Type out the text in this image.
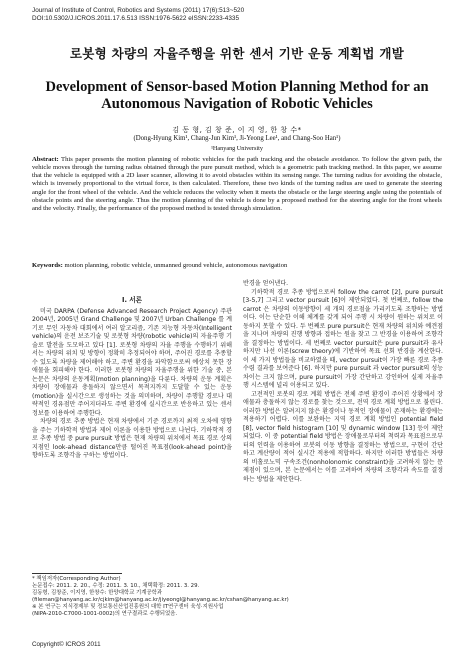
Journal of Institute of Control, Robotics and Systems (2011) 17(6):513~520
DOI:10.5302/J.ICROS.2011.17.6.513 ISSN:1976-5622 eISSN:2233-4335
로봇형 차량의 자율주행을 위한 센서 기반 운동 계획법 개발
Development of Sensor-based Motion Planning Method for an
Autonomous Navigation of Robotic Vehicles
김 동 형, 김 창 준, 이 지 영, 한 창 수*
(Dong-Hyung Kim¹, Chang-Jun Kim¹, Ji-Yeong Lee¹, and Chang-Soo Han¹)
¹Hanyang University
Abstract: This paper presents the motion planning of robotic vehicles for the path tracking and the obstacle avoidance. To follow the given path, the vehicle moves through the turning radius obtained through the pure pursuit method, which is a geometric path tracking method. In this paper, we assume that the vehicle is equipped with a 2D laser scanner, allowing it to avoid obstacles within its sensing range. The turning radius for avoiding the obstacle, which is inversely proportional to the virtual force, is then calculated. Therefore, these two kinds of the turning radius are used to generate the steering angle for the front wheel of the vehicle. And the vehicle reduces the velocity when it meets the obstacle or the large steering angle using the potentials of obstacle points and the steering angle. Thus the motion planning of the vehicle is done by a proposed method for the steering angle for the front wheels and the velocity. Finally, the performance of the proposed method is tested through simulation.
Keywords: motion planning, robotic vehicle, unmanned ground vehicle, autonomous navigation
I. 서론

미국 DARPA (Defense Advanced Research Project Agency) 주관 2004년, 2005년 Grand Challenge 및 2007년 Urban Challenge 를 계기로 무인 자동차 대회에서 여러 알고리즘, 기존 지능형 자동차(Intelligent vehicle)의 운전 보조기술 및 로봇형 차량(robotic vehicle)의 자율주행 기술로 발전을 도모하고 있다 [1]. 로봇형 차량의 자율 주행을 수행하기 위해서는 차량의 위치 및 방향이 정확히 추정되어야 하며, 주어진 경로를 추종할 수 있도록 차량을 제어해야 하고, 주변 환경을 파악함으로써 예상치 못한 장애물을 회피해야 한다. 이러한 로봇형 차량의 자율주행을 위한 기술 중, 본 논문은 차량의 운동계획(motion planning)을 다룬다. 차량의 운동 계획은 차량이 장애물과 충돌하지 않으면서 목적지까지 도달할 수 있는 운동(motion)을 실시간으로 생성하는 것을 의미하며, 차량이 주행할 경로나 대략적인 경유점만 주어지더라도 주변 환경에 실시간으로 반응하고 있는 센서 정보를 이용하여 주행한다.

차량의 경로 추종 방법은 현재 차량에서 기준 경로까지 최적 오차에 영향을 주는 기하학적 방법과 제어 이론을 이용한 방법으로 나뉜다. 기하학적 경로 추종 방법 중 pure pursuit 방법은 현재 차량의 위치에서 목표 경로 상의 지점인 look-ahead distance만큼 떨어진 목표점(look-ahead point)을 향하도록 조향각을 구하는 방법이다.

* 책임저자(Corresponding Author)
논문접수: 2011. 2. 20., 수정: 2011. 3. 10., 채택확정: 2011. 3. 29.
김동형, 김창준, 이지영, 한창수: 한양대학교 기계공학과
(fileman@hanyang.ac.kr/cjkim@hanyang.ac.kr/jiyeongl@hanyang.ac.kr/cshan@hanyang.ac.kr)
※ 본 연구는 지식경제부 및 정보통신산업진흥원의 대학 IT연구센터 육성·지원사업(NIPA-2010-C7000-1001-0002)의 연구결과로 수행되었음.

반경을 얻어낸다.

기하학적 경로 추종 방법으로써 follow the carrot [2], pure pursuit [3-5,7] 그리고 vector pursuit [6]이 제안되었다. 첫 번째로, follow the carrot 은 차량의 이동방향이 세 개의 경로점을 가리키도록 조향하는 방법이다. 이는 단순한 이해 체계를 갖게 되어 주행 시 차량이 원하는 위치로 이동하지 못할 수 있다. 두 번째로 pure pursuit은 현재 차량의 위치와 예견점을 지나며 차량의 진행 방향과 접하는 원을 찾고 그 반경을 이용하여 조향각을 결정하는 방법이다. 세 번째로 vector pursuit은 pure pursuit과 유사하지만 나선 이론(screw theory)에 기반하여 목표 선회 반경을 계산한다. 이 세 가지 방법들을 비교하였을 때, vector pursuit이 가장 빠른 경로 추종 수렴 결과를 보여준다 [6]. 하지만 pure pursuit 과 vector pursuit의 성능 차이는 크지 않으며, pure pursuit이 가장 간단하고 강인하여 실제 자율주행 시스템에 널리 이용되고 있다.

고전적인 로봇의 경로 계획 방법은 전체 주변 환경이 주어진 상황에서 장애물과 충돌하지 않는 경로를 찾는 것으로, 전역 경로 계획 방법으로 불린다. 이러한 방법은 알려지지 않은 환경이나 동적인 장애물이 존재하는 환경에는 적용하기 어렵다. 이를 보완하는 지역 경로 계획 방법인 potential field [8], vector field histogram [10] 및 dynamic window [13] 등이 제안되었다. 이 중 potential field 방법은 장애물로부터의 척력과 목표점으로부터의 인력을 이용하여 로봇의 이동 방향을 결정하는 방법으로, 구현이 간단하고 계산량이 적어 실시간 적용에 적합하다. 하지만 이러한 방법들은 차량의 비홀로노믹 구속조건(nonholonomic constraint)을 고려하지 않는 문제점이 있으며, 본 논문에서는 이를 고려하여 차량의 조향각과 속도를 결정하는 방법을 제안한다.

Copyright© ICROS 2011
